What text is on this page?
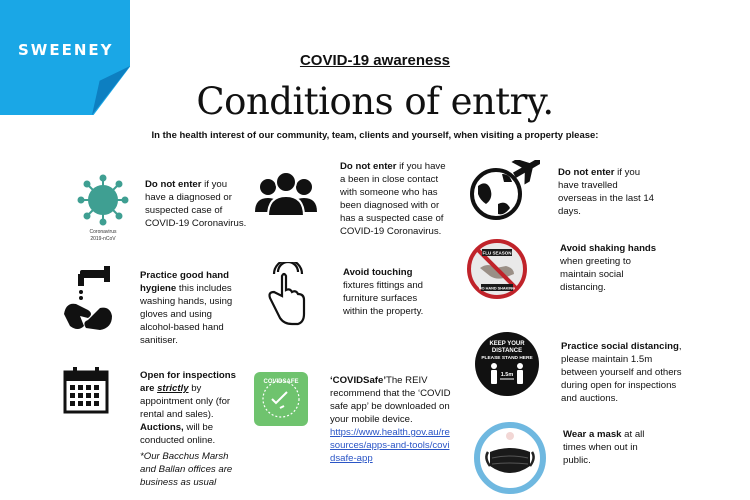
SWEENEY
COVID-19 awareness
Conditions of entry.
In the health interest of our community, team, clients and yourself, when visiting a property please:
Coronavirus
2019-nCoV
Do not enter if you have a diagnosed or suspected case of COVID-19 Coronavirus.
Do not enter if you have a been in close contact with someone who has been diagnosed with or has a suspected case of COVID-19 Coronavirus.
Do not enter if you have travelled overseas in the last 14 days.
Practice good hand hygiene this includes washing hands, using gloves and using alcohol-based hand sanitiser.
Avoid touching fixtures fittings and furniture surfaces within the property.
FLU SEASON
NO HAND SHAKING
Avoid shaking hands when greeting to maintain social distancing.
Open for inspections are strictly by appointment only (for rental and sales). Auctions, will be conducted online.
*Our Bacchus Marsh and Ballan offices are business as usual
COVIDSAFE	‘COVIDSafe’The REIV recommend that the ‘COVID safe app’ be downloaded on your mobile device.
https://www.health.gov.au/resources/apps-and-tools/covidsafe-app
KEEP YOUR
DISTANCE
PLEASE STAND HERE
1.5m
Practice social distancing, please maintain 1.5m between yourself and others during open for inspections and auctions.
Wear a mask at all times when out in public.
